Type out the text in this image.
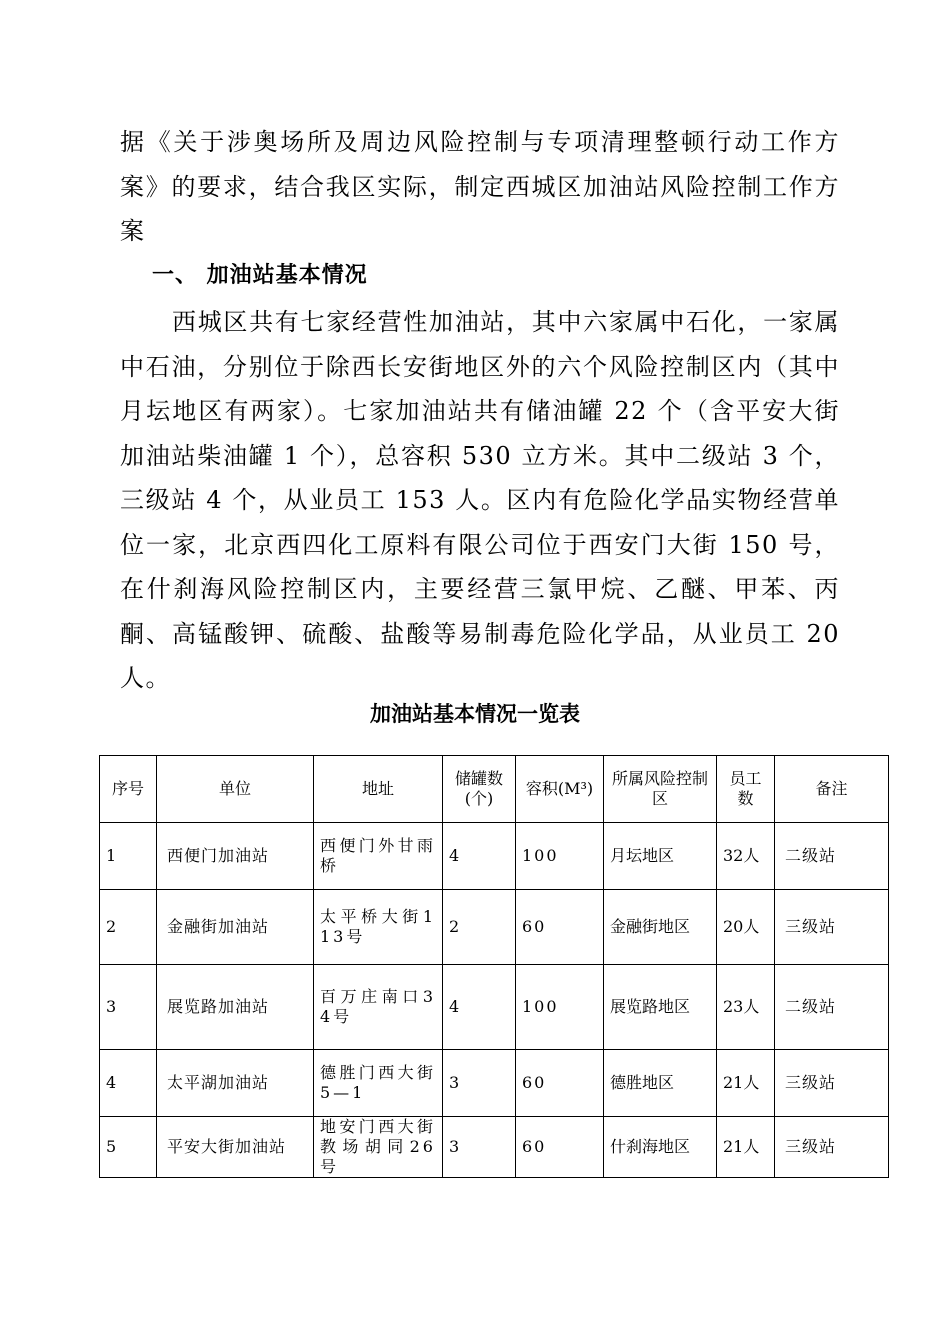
据《关于涉奥场所及周边风险控制与专项清理整顿行动工作方案》的要求，结合我区实际，制定西城区加油站风险控制工作方案

一、 加油站基本情况

西城区共有七家经营性加油站，其中六家属中石化，一家属中石油，分别位于除西长安街地区外的六个风险控制区内（其中月坛地区有两家）。七家加油站共有储油罐 22 个（含平安大街加油站柴油罐 1 个），总容积 530 立方米。其中二级站 3 个，三级站 4 个，从业员工 153 人。区内有危险化学品实物经营单位一家，北京西四化工原料有限公司位于西安门大街 150 号，在什刹海风险控制区内，主要经营三氯甲烷、乙醚、甲苯、丙酮、高锰酸钾、硫酸、盐酸等易制毒危险化学品，从业员工 20 人。

加油站基本情况一览表
序号	单位	地址	储罐数(个)	容积(M³)	所属风险控制区	员工数	备注
1	西便门加油站	西便门外甘雨桥	4	100	月坛地区	32人	二级站
2	金融街加油站	太平桥大街113号	2	60	金融街地区	20人	三级站
3	展览路加油站	百万庄南口34号	4	100	展览路地区	23人	二级站
4	太平湖加油站	德胜门西大街5—1	3	60	德胜地区	21人	三级站
5	平安大街加油站	地安门西大街教场胡同26号	3	60	什刹海地区	21人	三级站
